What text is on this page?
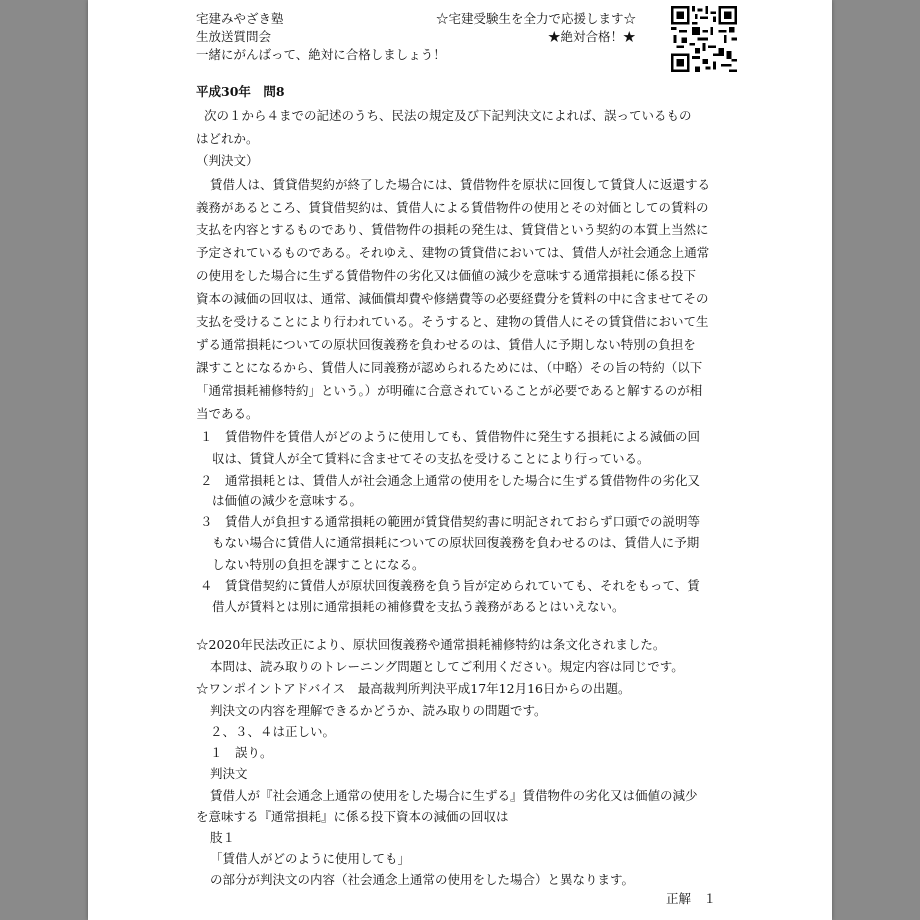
宅建みやざき塾
生放送質問会
一緒にがんばって、絶対に合格しましょう！
☆宅建受験生を全力で応援します☆
★絶対合格！★
平成30年　問8
次の１から４までの記述のうち、民法の規定及び下記判決文によれば、誤っているもの
はどれか。
（判決文）
賃借人は、賃貸借契約が終了した場合には、賃借物件を原状に回復して賃貸人に返還する
義務があるところ、賃貸借契約は、賃借人による賃借物件の使用とその対価としての賃料の
支払を内容とするものであり、賃借物件の損耗の発生は、賃貸借という契約の本質上当然に
予定されているものである。それゆえ、建物の賃貸借においては、賃借人が社会通念上通常
の使用をした場合に生ずる賃借物件の劣化又は価値の減少を意味する通常損耗に係る投下
資本の減価の回収は、通常、減価償却費や修繕費等の必要経費分を賃料の中に含ませてその
支払を受けることにより行われている。そうすると、建物の賃借人にその賃貸借において生
ずる通常損耗についての原状回復義務を負わせるのは、賃借人に予期しない特別の負担を
課すことになるから、賃借人に同義務が認められるためには、（中略）その旨の特約（以下
「通常損耗補修特約」という。）が明確に合意されていることが必要であると解するのが相
当である。
１　賃借物件を賃借人がどのように使用しても、賃借物件に発生する損耗による減価の回
収は、賃貸人が全て賃料に含ませてその支払を受けることにより行っている。
２　通常損耗とは、賃借人が社会通念上通常の使用をした場合に生ずる賃借物件の劣化又
は価値の減少を意味する。
３　賃借人が負担する通常損耗の範囲が賃貸借契約書に明記されておらず口頭での説明等
もない場合に賃借人に通常損耗についての原状回復義務を負わせるのは、賃借人に予期
しない特別の負担を課すことになる。
４　賃貸借契約に賃借人が原状回復義務を負う旨が定められていても、それをもって、賃
借人が賃料とは別に通常損耗の補修費を支払う義務があるとはいえない。
☆2020年民法改正により、原状回復義務や通常損耗補修特約は条文化されました。
本問は、読み取りのトレーニング問題としてご利用ください。規定内容は同じです。
☆ワンポイントアドバイス　最高裁判所判決平成17年12月16日からの出題。
判決文の内容を理解できるかどうか、読み取りの問題です。
２、３、４は正しい。
１　誤り。
判決文
賃借人が『社会通念上通常の使用をした場合に生ずる』賃借物件の劣化又は価値の減少
を意味する『通常損耗』に係る投下資本の減価の回収は
肢１
「賃借人がどのように使用しても」
の部分が判決文の内容（社会通念上通常の使用をした場合）と異なります。
正解　１
